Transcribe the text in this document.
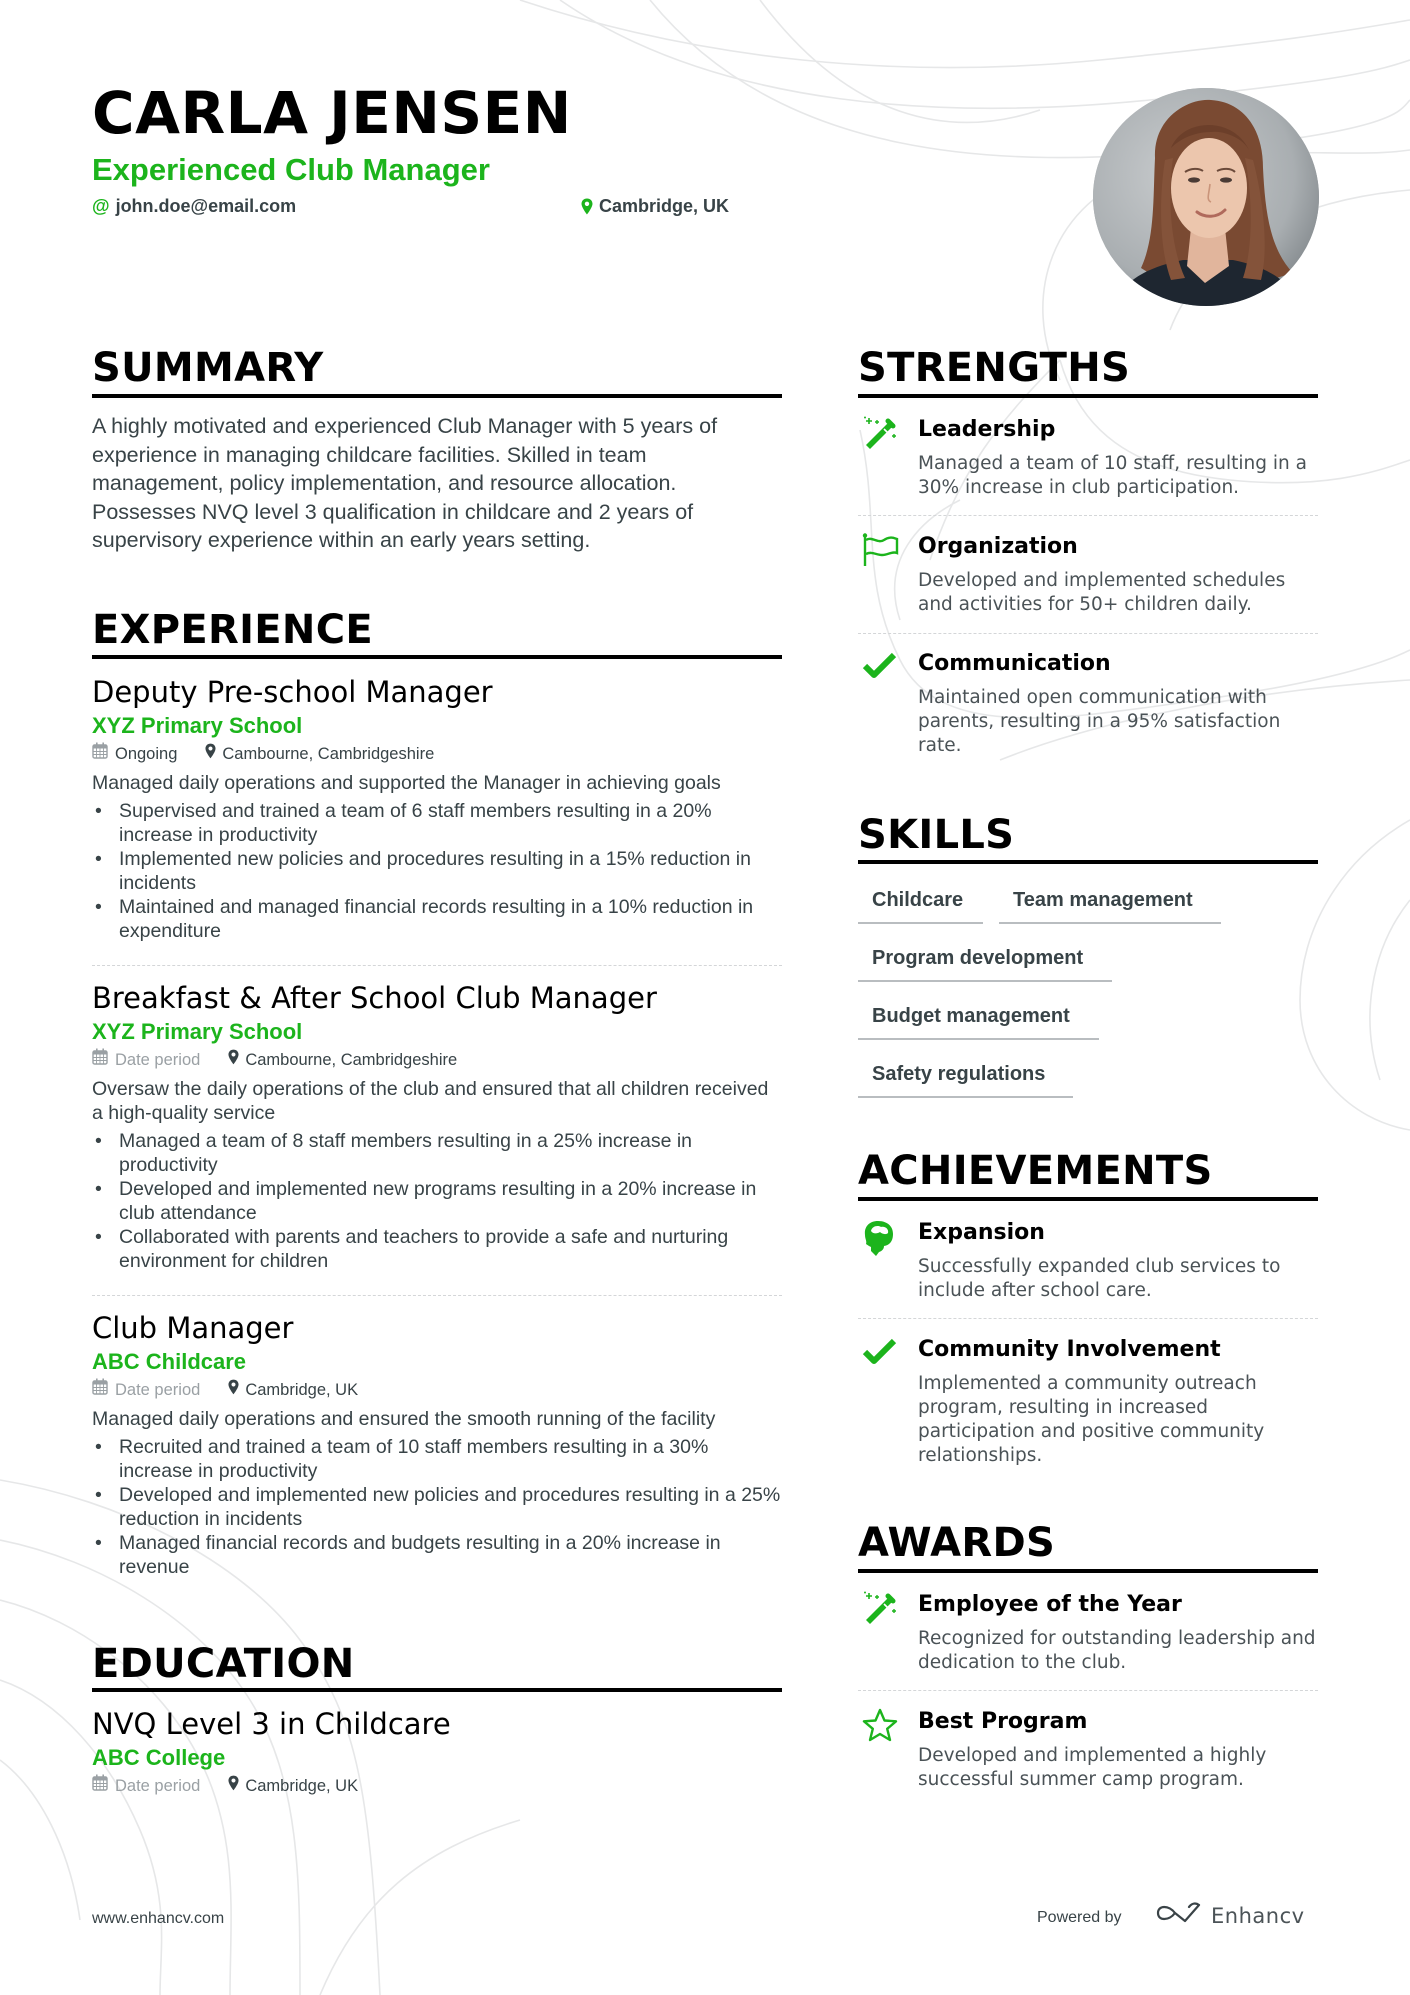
CARLA JENSEN
Experienced Club Manager
@ john.doe@email.com	Cambridge, UK
SUMMARY
A highly motivated and experienced Club Manager with 5 years of experience in managing childcare facilities. Skilled in team management, policy implementation, and resource allocation. Possesses NVQ level 3 qualification in childcare and 2 years of supervisory experience within an early years setting.
EXPERIENCE
Deputy Pre-school Manager
XYZ Primary School
Ongoing	Cambourne, Cambridgeshire
Managed daily operations and supported the Manager in achieving goals
• Supervised and trained a team of 6 staff members resulting in a 20% increase in productivity
• Implemented new policies and procedures resulting in a 15% reduction in incidents
• Maintained and managed financial records resulting in a 10% reduction in expenditure
Breakfast & After School Club Manager
XYZ Primary School
Date period	Cambourne, Cambridgeshire
Oversaw the daily operations of the club and ensured that all children received a high-quality service
• Managed a team of 8 staff members resulting in a 25% increase in productivity
• Developed and implemented new programs resulting in a 20% increase in club attendance
• Collaborated with parents and teachers to provide a safe and nurturing environment for children
Club Manager
ABC Childcare
Date period	Cambridge, UK
Managed daily operations and ensured the smooth running of the facility
• Recruited and trained a team of 10 staff members resulting in a 30% increase in productivity
• Developed and implemented new policies and procedures resulting in a 25% reduction in incidents
• Managed financial records and budgets resulting in a 20% increase in revenue
EDUCATION
NVQ Level 3 in Childcare
ABC College
Date period	Cambridge, UK
STRENGTHS
Leadership
Managed a team of 10 staff, resulting in a 30% increase in club participation.
Organization
Developed and implemented schedules and activities for 50+ children daily.
Communication
Maintained open communication with parents, resulting in a 95% satisfaction rate.
SKILLS
Childcare	Team management
Program development
Budget management
Safety regulations
ACHIEVEMENTS
Expansion
Successfully expanded club services to include after school care.
Community Involvement
Implemented a community outreach program, resulting in increased participation and positive community relationships.
AWARDS
Employee of the Year
Recognized for outstanding leadership and dedication to the club.
Best Program
Developed and implemented a highly successful summer camp program.
www.enhancv.com	Powered by	Enhancv
